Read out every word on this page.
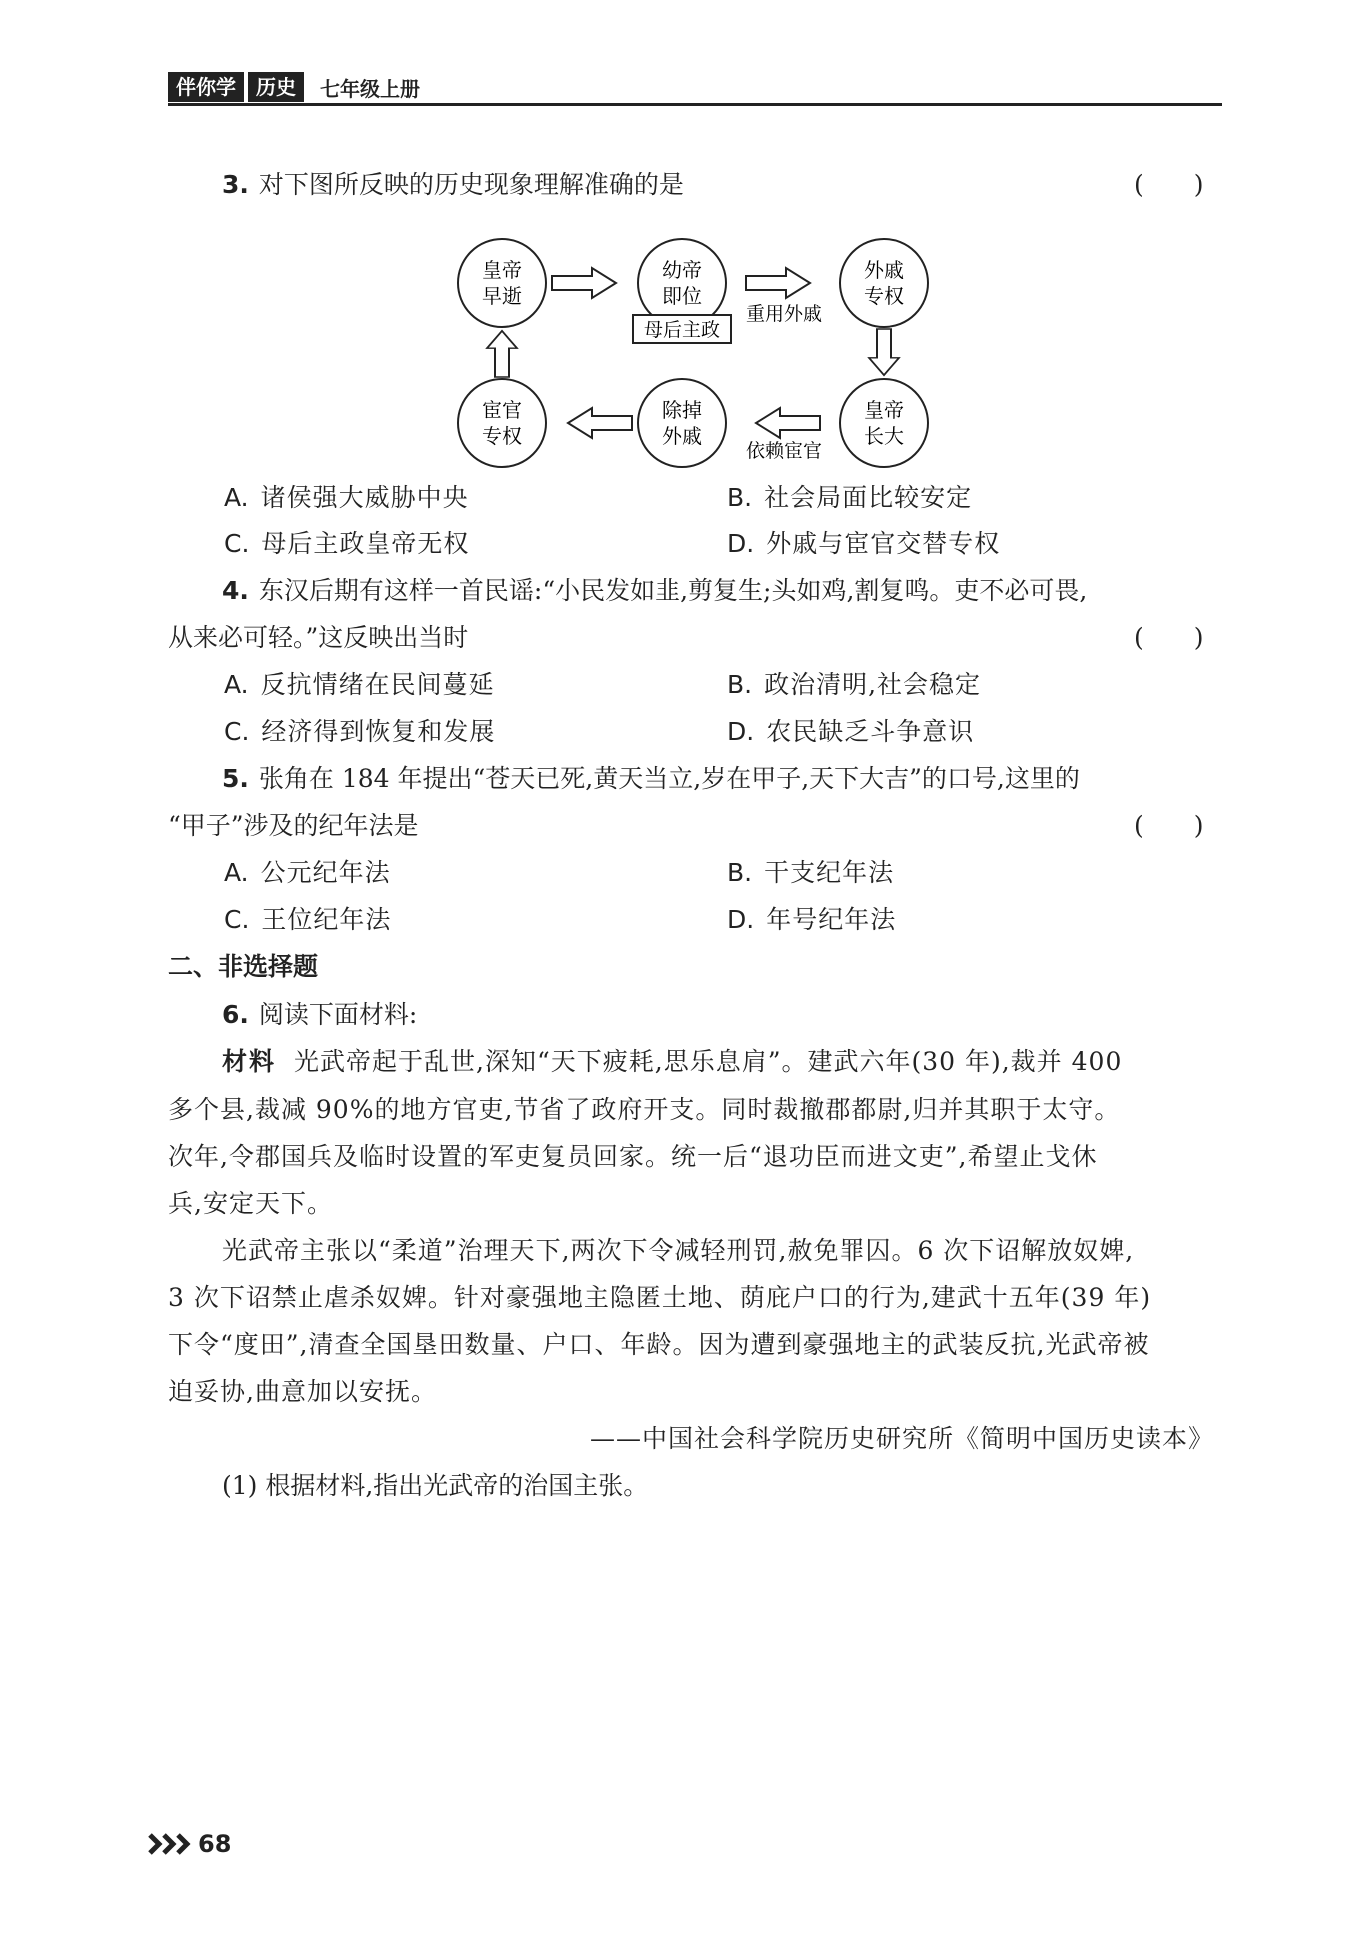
伴你学	历史	七年级上册
3. 对下图所反映的历史现象理解准确的是	(　　)
皇帝
早逝
幼帝
即位
母后主政
外戚
专权
皇帝
长大
除掉
外戚
宦官
专权
重用外戚
依赖宦官
A. 诸侯强大威胁中央	B. 社会局面比较安定
C. 母后主政皇帝无权	D. 外戚与宦官交替专权
4. 东汉后期有这样一首民谣:“小民发如韭,剪复生;头如鸡,割复鸣。吏不必可畏,
从来必可轻。”这反映出当时	(　　)
A. 反抗情绪在民间蔓延	B. 政治清明,社会稳定
C. 经济得到恢复和发展	D. 农民缺乏斗争意识
5. 张角在 184 年提出“苍天已死,黄天当立,岁在甲子,天下大吉”的口号,这里的
“甲子”涉及的纪年法是	(　　)
A. 公元纪年法	B. 干支纪年法
C. 王位纪年法	D. 年号纪年法
二、非选择题
6. 阅读下面材料:
材料 光武帝起于乱世,深知“天下疲耗,思乐息肩”。建武六年(30 年),裁并 400
多个县,裁减 90%的地方官吏,节省了政府开支。同时裁撤郡都尉,归并其职于太守。
次年,令郡国兵及临时设置的军吏复员回家。统一后“退功臣而进文吏”,希望止戈休
兵,安定天下。
光武帝主张以“柔道”治理天下,两次下令减轻刑罚,赦免罪囚。6 次下诏解放奴婢,
3 次下诏禁止虐杀奴婢。针对豪强地主隐匿土地、荫庇户口的行为,建武十五年(39 年)
下令“度田”,清查全国垦田数量、户口、年龄。因为遭到豪强地主的武装反抗,光武帝被
迫妥协,曲意加以安抚。
——中国社会科学院历史研究所《简明中国历史读本》
(1) 根据材料,指出光武帝的治国主张。
68
